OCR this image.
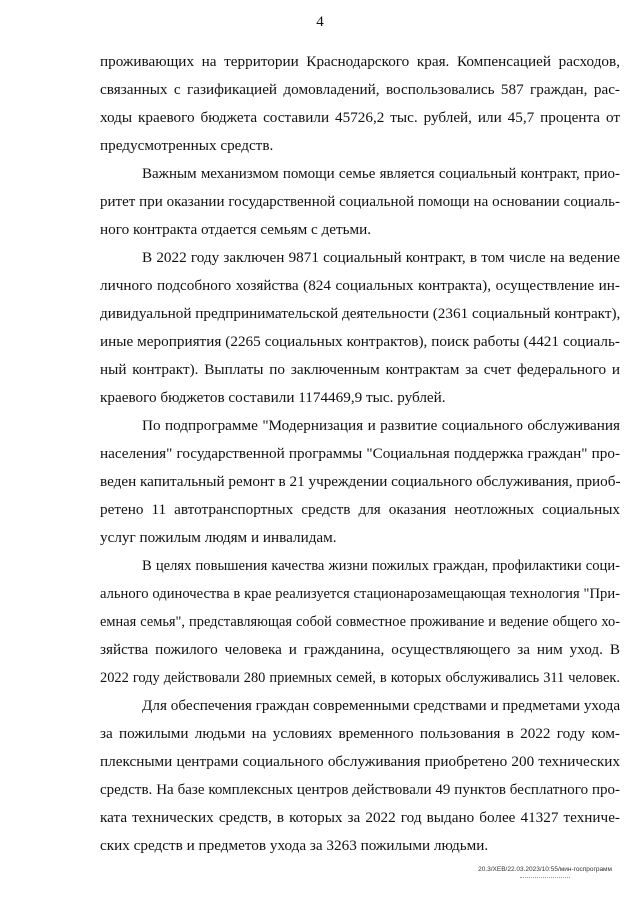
4
проживающих на территории Краснодарского края. Компенсацией расходов,
связанных с газификацией домовладений, воспользовались 587 граждан, рас-
ходы краевого бюджета составили 45726,2 тыс. рублей, или 45,7 процента от
предусмотренных средств.
Важным механизмом помощи семье является социальный контракт, прио-
ритет при оказании государственной социальной помощи на основании социаль-
ного контракта отдается семьям с детьми.
В 2022 году заключен 9871 социальный контракт, в том числе на ведение
личного подсобного хозяйства (824 социальных контракта), осуществление ин-
дивидуальной предпринимательской деятельности (2361 социальный контракт),
иные мероприятия (2265 социальных контрактов), поиск работы (4421 социаль-
ный контракт). Выплаты по заключенным контрактам за счет федерального и
краевого бюджетов составили 1174469,9 тыс. рублей.
По подпрограмме "Модернизация и развитие социального обслуживания
населения" государственной программы "Социальная поддержка граждан" про-
веден капитальный ремонт в 21 учреждении социального обслуживания, приоб-
ретено 11 автотранспортных средств для оказания неотложных социальных
услуг пожилым людям и инвалидам.
В целях повышения качества жизни пожилых граждан, профилактики соци-
ального одиночества в крае реализуется стационарозамещающая технология "При-
емная семья", представляющая собой совместное проживание и ведение общего хо-
зяйства пожилого человека и гражданина, осуществляющего за ним уход. В
2022 году действовали 280 приемных семей, в которых обслуживались 311 человек.
Для обеспечения граждан современными средствами и предметами ухода
за пожилыми людьми на условиях временного пользования в 2022 году ком-
плексными центрами социального обслуживания приобретено 200 технических
средств. На базе комплексных центров действовали 49 пунктов бесплатного про-
ката технических средств, в которых за 2022 год выдано более 41327 техниче-
ских средств и предметов ухода за 3263 пожилыми людьми.
20.3/ХЕВ/22.03.2023/10:55/мин-госпрограмм
